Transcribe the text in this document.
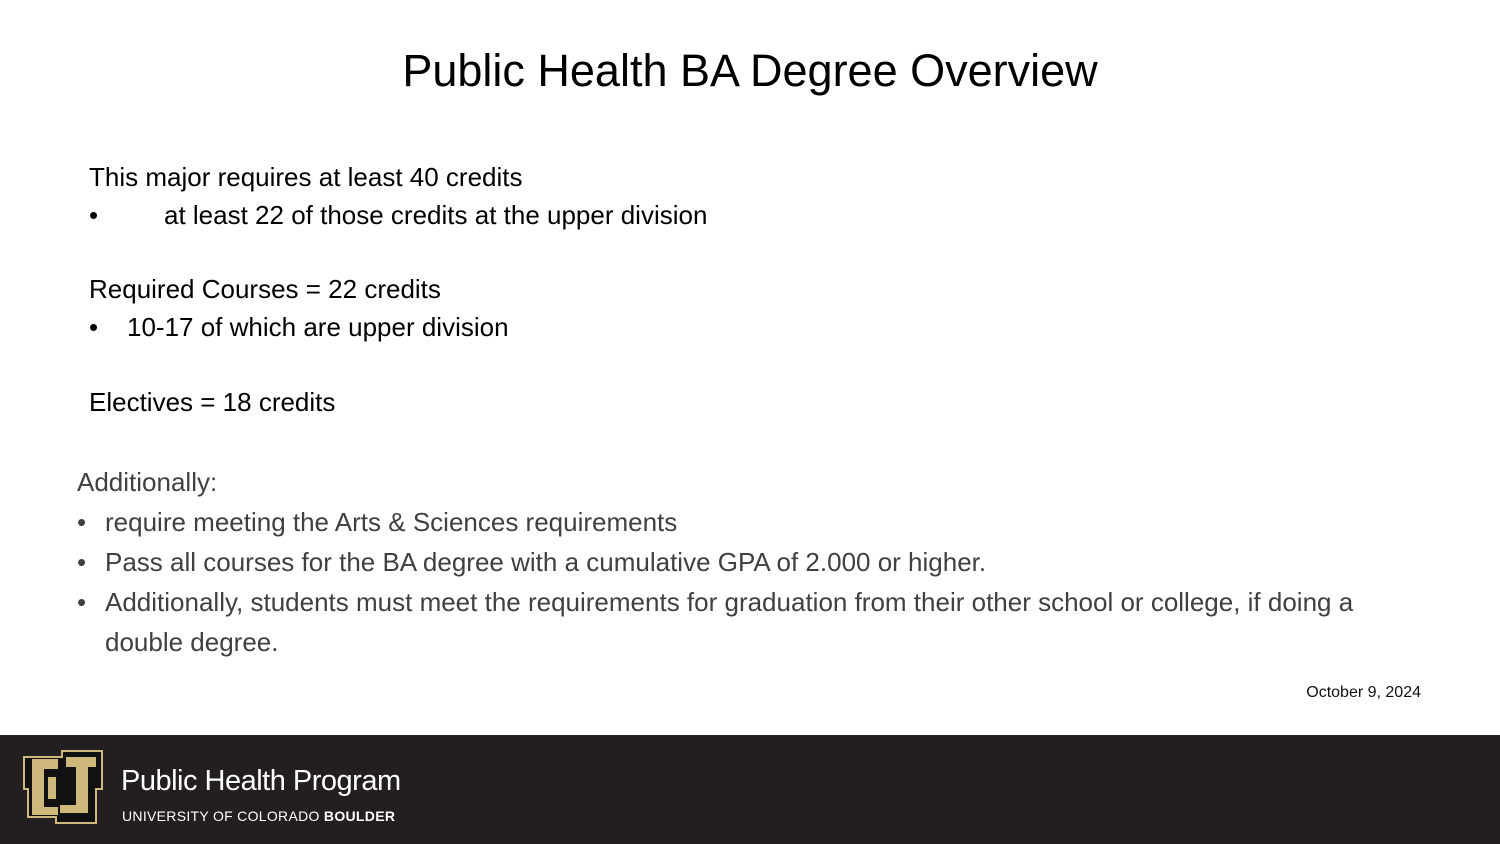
Public Health BA Degree Overview
This major requires at least 40 credits
•	at least 22 of those credits at the upper division
Required Courses = 22 credits
• 10-17 of which are upper division
Electives = 18 credits
Additionally:
• require meeting the Arts & Sciences requirements
• Pass all courses for the BA degree with a cumulative GPA of 2.000 or higher.
• Additionally, students must meet the requirements for graduation from their other school or college, if doing a double degree.
October 9, 2024
Public Health Program
UNIVERSITY OF COLORADO BOULDER
